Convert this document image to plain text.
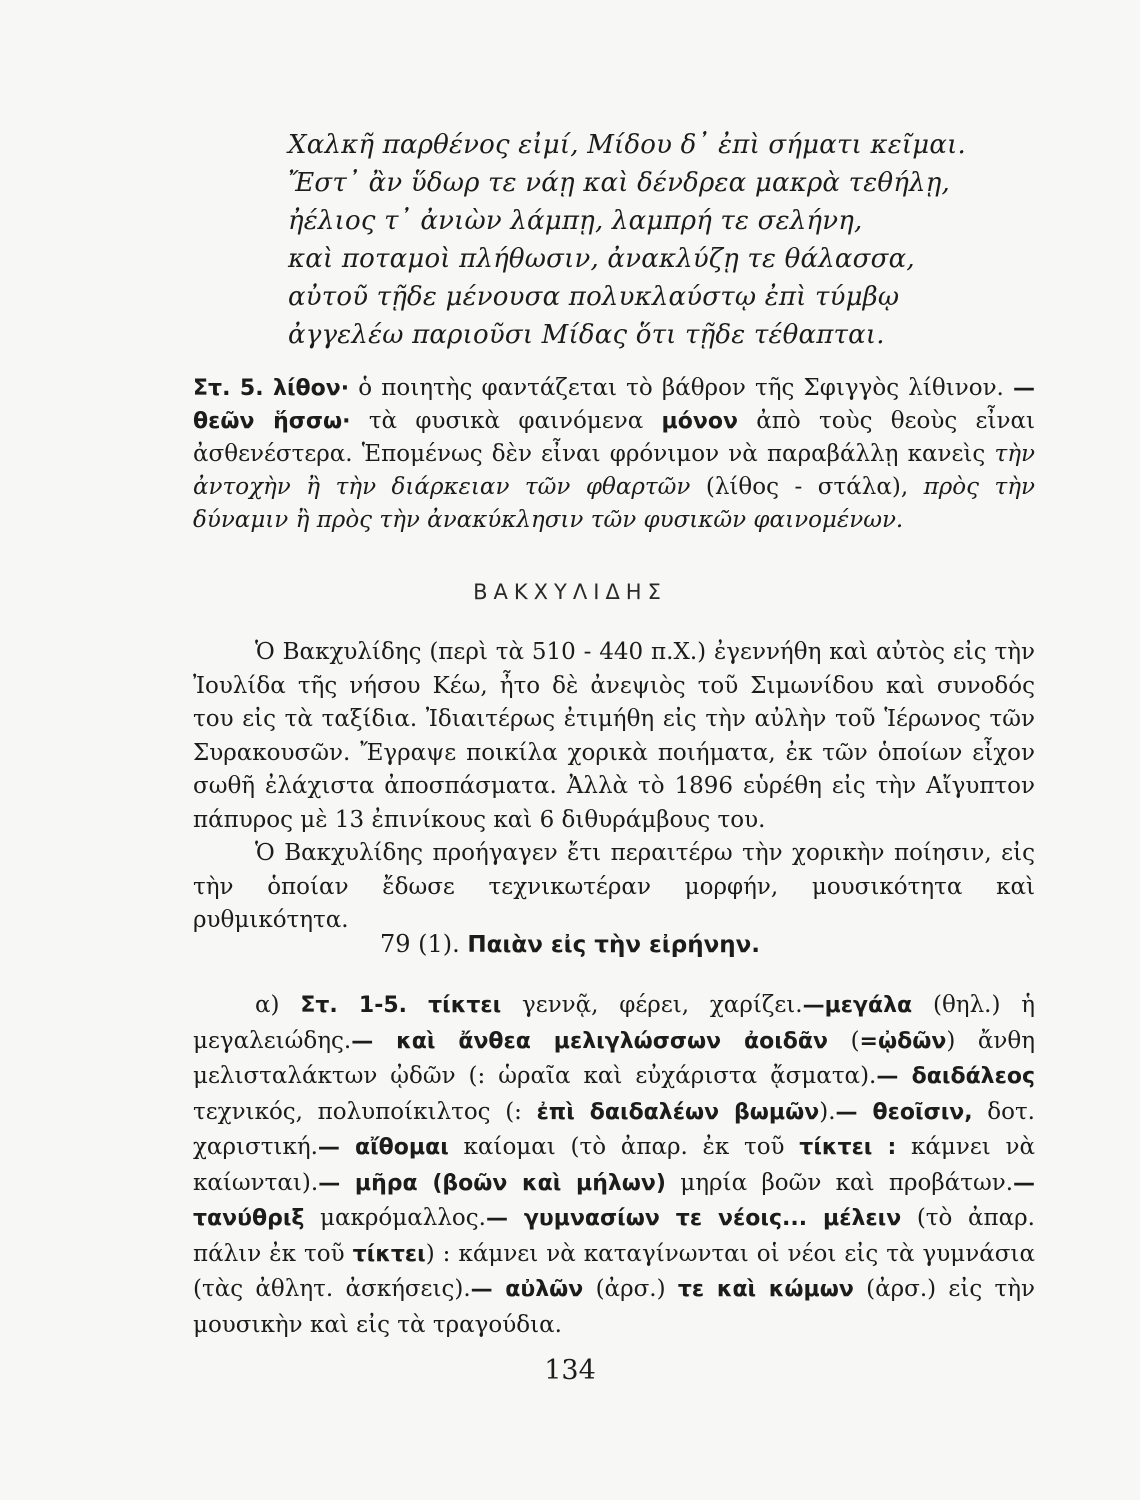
Χαλκῆ παρθένος εἰμί, Μίδου δ᾽ ἐπὶ σήματι κεῖμαι.
Ἔστ᾽ ἂν ὕδωρ τε νάῃ καὶ δένδρεα μακρὰ τεθήλῃ,
ἠέλιος τ᾽ ἀνιὼν λάμπῃ, λαμπρή τε σελήνη,
καὶ ποταμοὶ πλήθωσιν, ἀνακλύζῃ τε θάλασσα,
αὐτοῦ τῇδε μένουσα πολυκλαύστῳ ἐπὶ τύμβῳ
ἀγγελέω παριοῦσι Μίδας ὅτι τῇδε τέθαπται.
Στ. 5. λίθον· ὁ ποιητὴς φαντάζεται τὸ βάθρον τῆς Σφιγγὸς λίθινον. —θεῶν ἥσσω· τὰ φυσικὰ φαινόμενα μόνον ἀπὸ τοὺς θεοὺς εἶναι ἀσθενέστερα. Ἑπομένως δὲν εἶναι φρόνιμον νὰ παραβάλλῃ κανεὶς τὴν ἀντοχὴν ἢ τὴν διάρκειαν τῶν φθαρτῶν (λίθος - στάλα), πρὸς τὴν δύναμιν ἢ πρὸς τὴν ἀνακύκλησιν τῶν φυσικῶν φαινομένων.
ΒΑΚΧΥΛΙΔΗΣ

Ὁ Βακχυλίδης (περὶ τὰ 510 - 440 π.Χ.) ἐγεννήθη καὶ αὐτὸς εἰς τὴν Ἰουλίδα τῆς νήσου Κέω, ἦτο δὲ ἀνεψιὸς τοῦ Σιμωνίδου καὶ συνοδός του εἰς τὰ ταξίδια. Ἰδιαιτέρως ἐτιμήθη εἰς τὴν αὐλὴν τοῦ Ἱέρωνος τῶν Συρακουσῶν. Ἔγραψε ποικίλα χορικὰ ποιήματα, ἐκ τῶν ὁποίων εἶχον σωθῆ ἐλάχιστα ἀποσπάσματα. Ἀλλὰ τὸ 1896 εὑρέθη εἰς τὴν Αἴγυπτον πάπυρος μὲ 13 ἐπινίκους καὶ 6 διθυράμβους του.

Ὁ Βακχυλίδης προήγαγεν ἔτι περαιτέρω τὴν χορικὴν ποίησιν, εἰς τὴν ὁποίαν ἔδωσε τεχνικωτέραν μορφήν, μουσικότητα καὶ ρυθμικότητα.

79 (1). Παιὰν εἰς τὴν εἰρήνην.

α) Στ. 1-5. τίκτει γεννᾷ, φέρει, χαρίζει.—μεγάλα (θηλ.) ἡ μεγαλειώδης.— καὶ ἄνθεα μελιγλώσσων ἀοιδᾶν (=ᾠδῶν) ἄνθη μελισταλάκτων ᾠδῶν (: ὡραῖα καὶ εὐχάριστα ᾄσματα).— δαιδάλεος τεχνικός, πολυποίκιλτος (: ἐπὶ δαιδαλέων βωμῶν).— θεοῖσιν, δοτ. χαριστική.— αἴθομαι καίομαι (τὸ ἀπαρ. ἐκ τοῦ τίκτει : κάμνει νὰ καίωνται).— μῆρα (βοῶν καὶ μήλων) μηρία βοῶν καὶ προβάτων.— τανύθριξ μακρόμαλλος.— γυμνασίων τε νέοις... μέλειν (τὸ ἀπαρ. πάλιν ἐκ τοῦ τίκτει) : κάμνει νὰ καταγίνωνται οἱ νέοι εἰς τὰ γυμνάσια (τὰς ἀθλητ. ἀσκήσεις).— αὐλῶν (ἀρσ.) τε καὶ κώμων (ἀρσ.) εἰς τὴν μουσικὴν καὶ εἰς τὰ τραγούδια.

134
